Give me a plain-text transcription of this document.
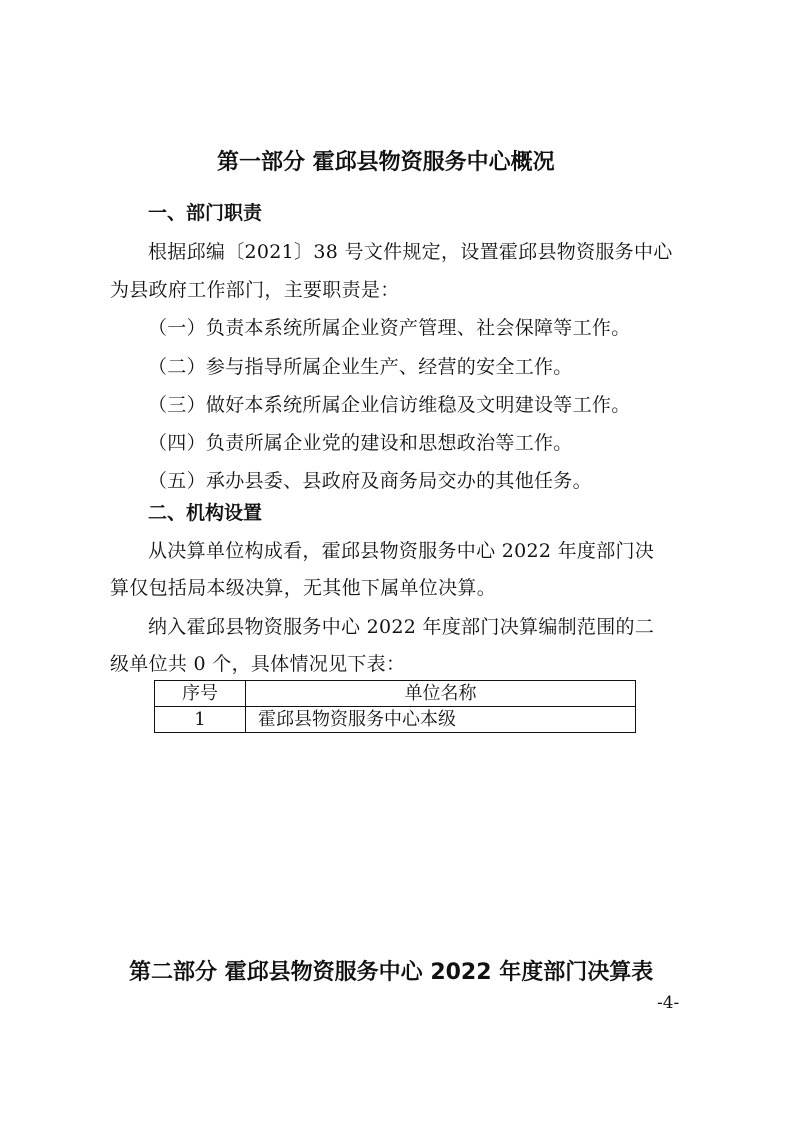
第一部分 霍邱县物资服务中心概况
一、部门职责
根据邱编〔2021〕38 号文件规定，设置霍邱县物资服务中心
为县政府工作部门，主要职责是：
（一）负责本系统所属企业资产管理、社会保障等工作。
（二）参与指导所属企业生产、经营的安全工作。
（三）做好本系统所属企业信访维稳及文明建设等工作。
（四）负责所属企业党的建设和思想政治等工作。
（五）承办县委、县政府及商务局交办的其他任务。
二、机构设置
从决算单位构成看，霍邱县物资服务中心 2022 年度部门决
算仅包括局本级决算，无其他下属单位决算。
纳入霍邱县物资服务中心 2022 年度部门决算编制范围的二
级单位共 0 个，具体情况见下表：
序号	单位名称
1	霍邱县物资服务中心本级
第二部分 霍邱县物资服务中心 2022 年度部门决算表
-4-
